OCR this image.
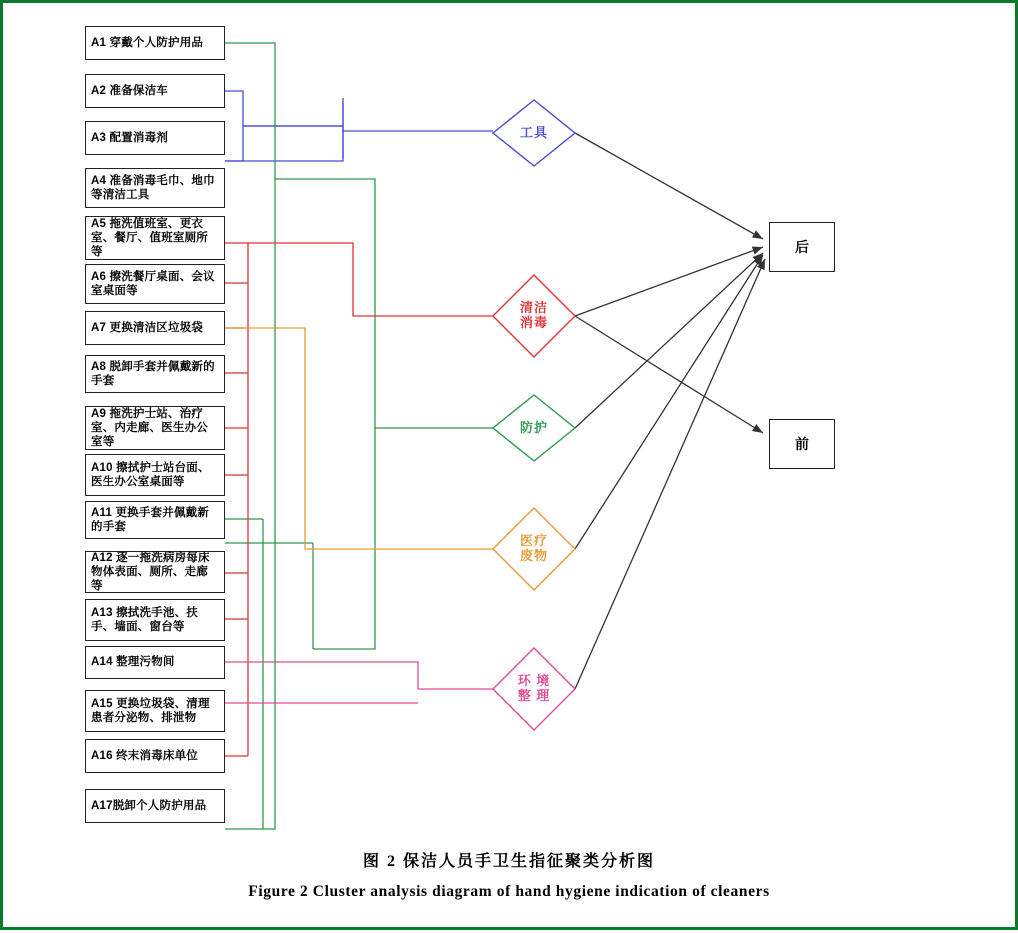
A1 穿戴个人防护用品
A2 准备保洁车
A3 配置消毒剂
A4 准备消毒毛巾、地巾等清洁工具
A5 拖洗值班室、更衣室、餐厅、值班室厕所等
A6 擦洗餐厅桌面、会议室桌面等
A7 更换清洁区垃圾袋
A8 脱卸手套并佩戴新的手套
A9 拖洗护士站、治疗室、内走廊、医生办公室等
A10 擦拭护士站台面、医生办公室桌面等
A11 更换手套并佩戴新的手套
A12 逐一拖洗病房每床物体表面、厕所、走廊等
A13 擦拭洗手池、扶手、墙面、窗台等
A14 整理污物间
A15 更换垃圾袋、清理患者分泌物、排泄物
A16 终末消毒床单位
A17脱卸个人防护用品
工具
清洁
消毒
防护
医疗
废物
环 境
整 理
后
前
图 2 保洁人员手卫生指征聚类分析图
Figure 2 Cluster analysis diagram of hand hygiene indication of cleaners
